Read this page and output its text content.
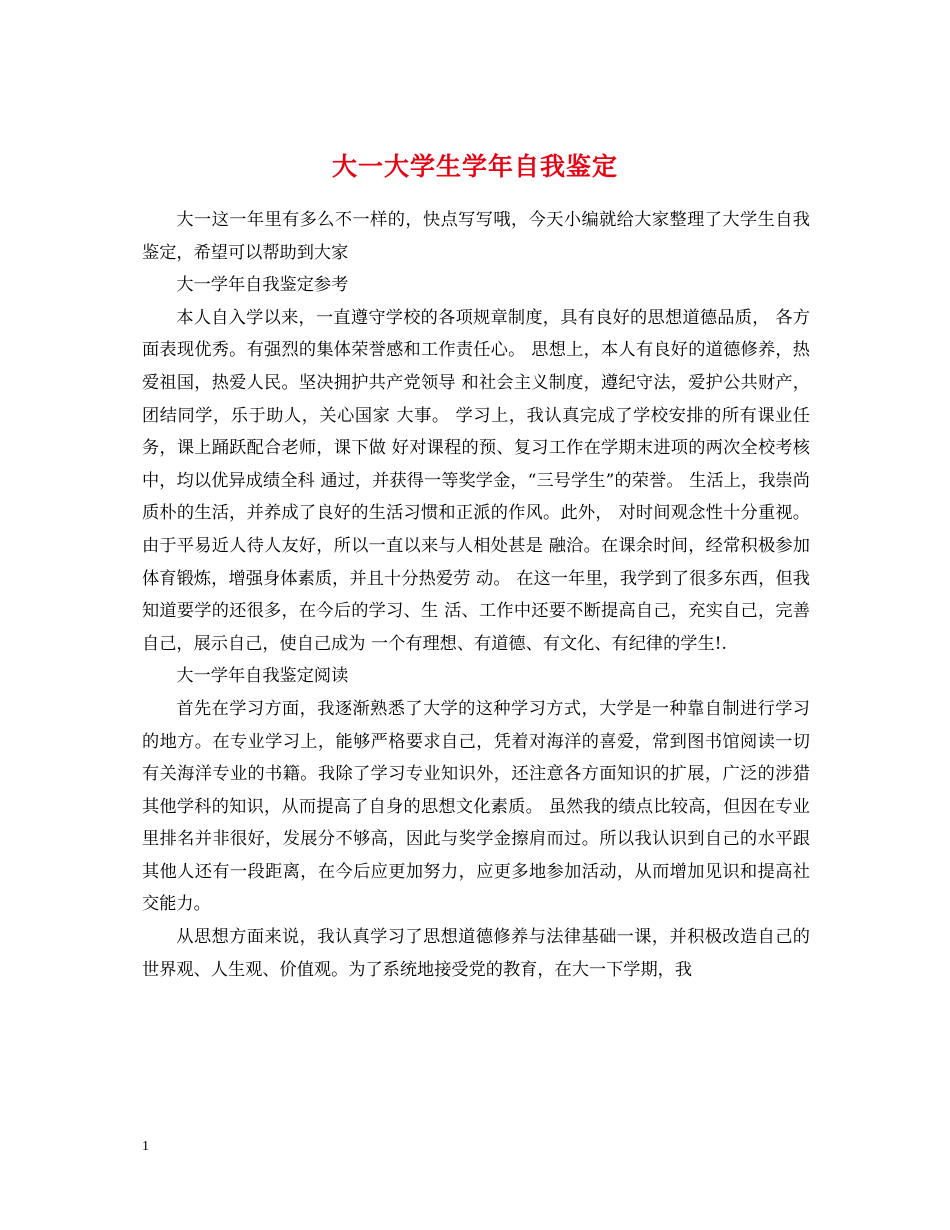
大一大学生学年自我鉴定

大一这一年里有多么不一样的，快点写写哦，今天小编就给大家整理了大学生自我鉴定，希望可以帮助到大家

大一学年自我鉴定参考

本人自入学以来，一直遵守学校的各项规章制度，具有良好的思想道德品质， 各方面表现优秀。有强烈的集体荣誉感和工作责任心。 思想上，本人有良好的道德修养，热爱祖国，热爱人民。坚决拥护共产党领导 和社会主义制度，遵纪守法，爱护公共财产，团结同学，乐于助人，关心国家 大事。 学习上，我认真完成了学校安排的所有课业任务，课上踊跃配合老师，课下做 好对课程的预、复习工作在学期末进项的两次全校考核中，均以优异成绩全科 通过，并获得一等奖学金，“三号学生”的荣誉。 生活上，我崇尚质朴的生活，并养成了良好的生活习惯和正派的作风。此外， 对时间观念性十分重视。由于平易近人待人友好，所以一直以来与人相处甚是 融洽。在课余时间，经常积极参加体育锻炼，增强身体素质，并且十分热爱劳 动。 在这一年里，我学到了很多东西，但我知道要学的还很多，在今后的学习、生 活、工作中还要不断提高自己，充实自己，完善自己，展示自己，使自己成为 一个有理想、有道德、有文化、有纪律的学生!.

大一学年自我鉴定阅读

首先在学习方面，我逐渐熟悉了大学的这种学习方式，大学是一种靠自制进行学习的地方。在专业学习上，能够严格要求自己，凭着对海洋的喜爱，常到图书馆阅读一切有关海洋专业的书籍。我除了学习专业知识外，还注意各方面知识的扩展，广泛的涉猎其他学科的知识，从而提高了自身的思想文化素质。 虽然我的绩点比较高，但因在专业里排名并非很好，发展分不够高，因此与奖学金擦肩而过。所以我认识到自己的水平跟其他人还有一段距离，在今后应更加努力，应更多地参加活动，从而增加见识和提高社交能力。

从思想方面来说，我认真学习了思想道德修养与法律基础一课，并积极改造自己的世界观、人生观、价值观。为了系统地接受党的教育，在大一下学期，我

1
